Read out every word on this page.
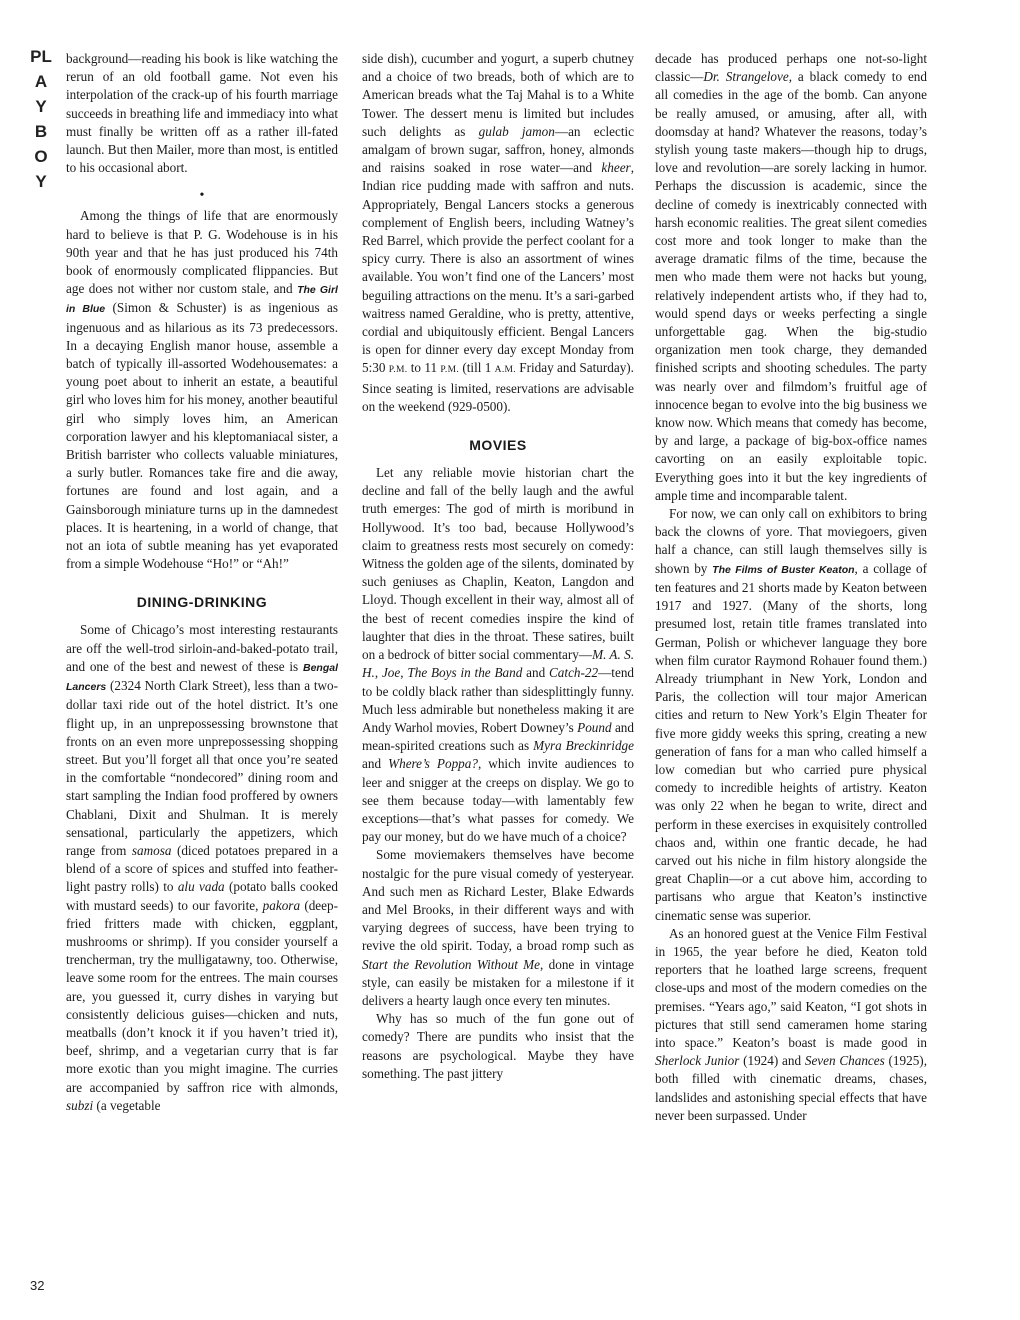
PLAYBOY
32

background—reading his book is like watching the rerun of an old football game. Not even his interpolation of the crack-up of his fourth marriage succeeds in breathing life and immediacy into what must finally be written off as a rather ill-fated launch. But then Mailer, more than most, is entitled to his occasional abort.

•

Among the things of life that are enormously hard to believe is that P. G. Wodehouse is in his 90th year and that he has just produced his 74th book of enormously complicated flippancies. But age does not wither nor custom stale, and The Girl in Blue (Simon & Schuster) is as ingenious as ingenuous and as hilarious as its 73 predecessors. In a decaying English manor house, assemble a batch of typically ill-assorted Wodehousemates: a young poet about to inherit an estate, a beautiful girl who loves him for his money, another beautiful girl who simply loves him, an American corporation lawyer and his kleptomaniacal sister, a British barrister who collects valuable miniatures, a surly butler. Romances take fire and die away, fortunes are found and lost again, and a Gainsborough miniature turns up in the damnedest places. It is heartening, in a world of change, that not an iota of subtle meaning has yet evaporated from a simple Wodehouse “Ho!” or “Ah!”

DINING-DRINKING

Some of Chicago’s most interesting restaurants are off the well-trod sirloin-and-baked-potato trail, and one of the best and newest of these is Bengal Lancers (2324 North Clark Street), less than a two-dollar taxi ride out of the hotel district. It’s one flight up, in an unprepossessing brownstone that fronts on an even more unprepossessing shopping street. But you’ll forget all that once you’re seated in the comfortable “nondecored” dining room and start sampling the Indian food proffered by owners Chablani, Dixit and Shulman. It is merely sensational, particularly the appetizers, which range from samosa (diced potatoes prepared in a blend of a score of spices and stuffed into feather-light pastry rolls) to alu vada (potato balls cooked with mustard seeds) to our favorite, pakora (deep-fried fritters made with chicken, eggplant, mushrooms or shrimp). If you consider yourself a trencherman, try the mulligatawny, too. Otherwise, leave some room for the entrees. The main courses are, you guessed it, curry dishes in varying but consistently delicious guises—chicken and nuts, meatballs (don’t knock it if you haven’t tried it), beef, shrimp, and a vegetarian curry that is far more exotic than you might imagine. The curries are accompanied by saffron rice with almonds, subzi (a vegetable

side dish), cucumber and yogurt, a superb chutney and a choice of two breads, both of which are to American breads what the Taj Mahal is to a White Tower. The dessert menu is limited but includes such delights as gulab jamon—an eclectic amalgam of brown sugar, saffron, honey, almonds and raisins soaked in rose water—and kheer, Indian rice pudding made with saffron and nuts. Appropriately, Bengal Lancers stocks a generous complement of English beers, including Watney’s Red Barrel, which provide the perfect coolant for a spicy curry. There is also an assortment of wines available. You won’t find one of the Lancers’ most beguiling attractions on the menu. It’s a sari-garbed waitress named Geraldine, who is pretty, attentive, cordial and ubiquitously efficient. Bengal Lancers is open for dinner every day except Monday from 5:30 P.M. to 11 P.M. (till 1 A.M. Friday and Saturday). Since seating is limited, reservations are advisable on the weekend (929-0500).

MOVIES

Let any reliable movie historian chart the decline and fall of the belly laugh and the awful truth emerges: The god of mirth is moribund in Hollywood. It’s too bad, because Hollywood’s claim to greatness rests most securely on comedy: Witness the golden age of the silents, dominated by such geniuses as Chaplin, Keaton, Langdon and Lloyd. Though excellent in their way, almost all of the best of recent comedies inspire the kind of laughter that dies in the throat. These satires, built on a bedrock of bitter social commentary—M. A. S. H., Joe, The Boys in the Band and Catch-22—tend to be coldly black rather than sidesplittingly funny. Much less admirable but nonetheless making it are Andy Warhol movies, Robert Downey’s Pound and mean-spirited creations such as Myra Breckinridge and Where’s Poppa?, which invite audiences to leer and snigger at the creeps on display. We go to see them because today—with lamentably few exceptions—that’s what passes for comedy. We pay our money, but do we have much of a choice?

Some moviemakers themselves have become nostalgic for the pure visual comedy of yesteryear. And such men as Richard Lester, Blake Edwards and Mel Brooks, in their different ways and with varying degrees of success, have been trying to revive the old spirit. Today, a broad romp such as Start the Revolution Without Me, done in vintage style, can easily be mistaken for a milestone if it delivers a hearty laugh once every ten minutes.

Why has so much of the fun gone out of comedy? There are pundits who insist that the reasons are psychological. Maybe they have something. The past jittery

decade has produced perhaps one not-so-light classic—Dr. Strangelove, a black comedy to end all comedies in the age of the bomb. Can anyone be really amused, or amusing, after all, with doomsday at hand? Whatever the reasons, today’s stylish young taste makers—though hip to drugs, love and revolution—are sorely lacking in humor. Perhaps the discussion is academic, since the decline of comedy is inextricably connected with harsh economic realities. The great silent comedies cost more and took longer to make than the average dramatic films of the time, because the men who made them were not hacks but young, relatively independent artists who, if they had to, would spend days or weeks perfecting a single unforgettable gag. When the big-studio organization men took charge, they demanded finished scripts and shooting schedules. The party was nearly over and filmdom’s fruitful age of innocence began to evolve into the big business we know now. Which means that comedy has become, by and large, a package of big-box-office names cavorting on an easily exploitable topic. Everything goes into it but the key ingredients of ample time and incomparable talent.

For now, we can only call on exhibitors to bring back the clowns of yore. That moviegoers, given half a chance, can still laugh themselves silly is shown by The Films of Buster Keaton, a collage of ten features and 21 shorts made by Keaton between 1917 and 1927. (Many of the shorts, long presumed lost, retain title frames translated into German, Polish or whichever language they bore when film curator Raymond Rohauer found them.) Already triumphant in New York, London and Paris, the collection will tour major American cities and return to New York’s Elgin Theater for five more giddy weeks this spring, creating a new generation of fans for a man who called himself a low comedian but who carried pure physical comedy to incredible heights of artistry. Keaton was only 22 when he began to write, direct and perform in these exercises in exquisitely controlled chaos and, within one frantic decade, he had carved out his niche in film history alongside the great Chaplin—or a cut above him, according to partisans who argue that Keaton’s instinctive cinematic sense was superior.

As an honored guest at the Venice Film Festival in 1965, the year before he died, Keaton told reporters that he loathed large screens, frequent close-ups and most of the modern comedies on the premises. “Years ago,” said Keaton, “I got shots in pictures that still send cameramen home staring into space.” Keaton’s boast is made good in Sherlock Junior (1924) and Seven Chances (1925), both filled with cinematic dreams, chases, landslides and astonishing special effects that have never been surpassed. Under
